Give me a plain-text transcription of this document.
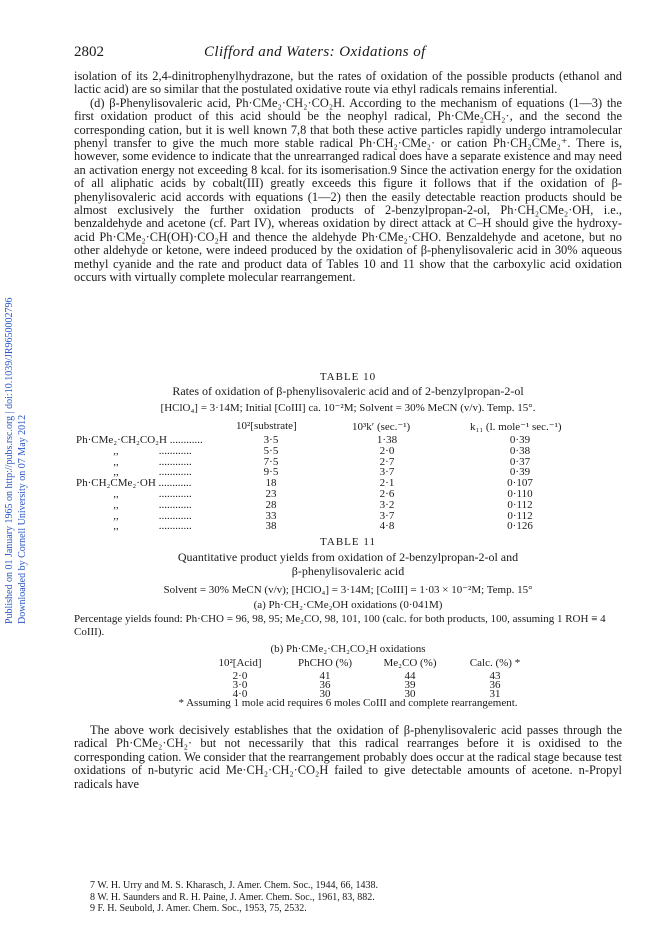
Downloaded by Cornell University on 07 May 2012
Published on 01 January 1965 on http://pubs.rsc.org | doi:10.1039/JR9650002796
2802	Clifford and Waters: Oxidations of
isolation of its 2,4-dinitrophenylhydrazone, but the rates of oxidation of the possible products (ethanol and lactic acid) are so similar that the postulated oxidative route via ethyl radicals remains inferential.
(d) β-Phenylisovaleric acid, Ph·CMe₂·CH₂·CO₂H. According to the mechanism of equations (1—3) the first oxidation product of this acid should be the neophyl radical, Ph·CMe₂CH₂·, and the second the corresponding cation, but it is well known 7,8 that both these active particles rapidly undergo intramolecular phenyl transfer to give the much more stable radical Ph·CH₂·CMe₂· or cation Ph·CH₂CMe₂⁺. There is, however, some evidence to indicate that the unrearranged radical does have a separate existence and may need an activation energy not exceeding 8 kcal. for its isomerisation.9 Since the activation energy for the oxidation of all aliphatic acids by cobalt(III) greatly exceeds this figure it follows that if the oxidation of β-phenylisovaleric acid accords with equations (1—2) then the easily detectable reaction products should be almost exclusively the further oxidation products of 2-benzylpropan-2-ol, Ph·CH₂CMe₂·OH, i.e., benzaldehyde and acetone (cf. Part IV), whereas oxidation by direct attack at C–H should give the hydroxy-acid Ph·CMe₂·CH(OH)·CO₂H and thence the aldehyde Ph·CMe₂·CHO. Benzaldehyde and acetone, but no other aldehyde or ketone, were indeed produced by the oxidation of β-phenylisovaleric acid in 30% aqueous methyl cyanide and the rate and product data of Tables 10 and 11 show that the carboxylic acid oxidation occurs with virtually complete molecular rearrangement.
TABLE 10
Rates of oxidation of β-phenylisovaleric acid and of 2-benzylpropan-2-ol
[HClO₄] = 3·14M; Initial [CoIII] ca. 10⁻²M; Solvent = 30% MeCN (v/v). Temp. 15°.
10²[substrate]	10³k′ (sec.⁻¹)	k₁₁ (l. mole⁻¹ sec.⁻¹)
Ph·CMe₂·CH₂CO₂H ............	3·5	1·38	0·39
,,	............	5·5	2·0	0·38
,,	............	7·5	2·7	0·37
,,	............	9·5	3·7	0·39
Ph·CH₂CMe₂·OH ............	18	2·1	0·107
,,	............	23	2·6	0·110
,,	............	28	3·2	0·112
,,	............	33	3·7	0·112
,,	............	38	4·8	0·126
TABLE 11
Quantitative product yields from oxidation of 2-benzylpropan-2-ol and
β-phenylisovaleric acid
Solvent = 30% MeCN (v/v); [HClO₄] = 3·14M; [CoIII] = 1·03 × 10⁻²M; Temp. 15°
(a) Ph·CH₂·CMe₂OH oxidations (0·041M)
Percentage yields found: Ph·CHO = 96, 98, 95; Me₂CO, 98, 101, 100 (calc. for both products, 100, assuming 1 ROH ≡ 4 CoIII).
(b) Ph·CMe₂·CH₂CO₂H oxidations
10²[Acid]	PhCHO (%)	Me₂CO (%)	Calc. (%) *
2·0	41	44	43
3·0	36	39	36
4·0	30	30	31
* Assuming 1 mole acid requires 6 moles CoIII and complete rearrangement.
The above work decisively establishes that the oxidation of β-phenylisovaleric acid passes through the radical Ph·CMe₂·CH₂· but not necessarily that this radical rearranges before it is oxidised to the corresponding cation. We consider that the rearrangement probably does occur at the radical stage because test oxidations of n-butyric acid Me·CH₂·CH₂·CO₂H failed to give detectable amounts of acetone. n-Propyl radicals have
7 W. H. Urry and M. S. Kharasch, J. Amer. Chem. Soc., 1944, 66, 1438.
8 W. H. Saunders and R. H. Paine, J. Amer. Chem. Soc., 1961, 83, 882.
9 F. H. Seubold, J. Amer. Chem. Soc., 1953, 75, 2532.
